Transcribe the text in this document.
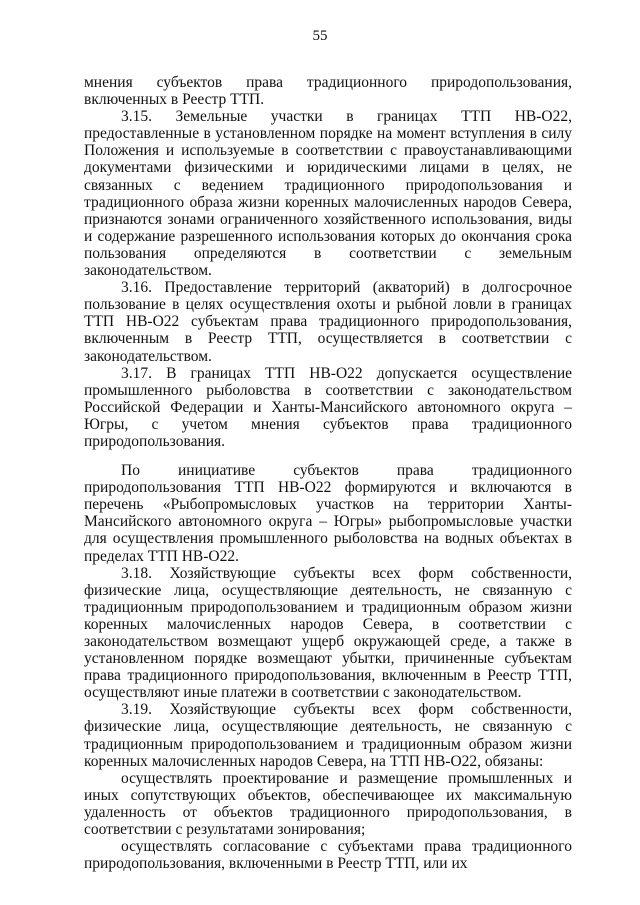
55

мнения субъектов права традиционного природопользования, включенных в Реестр ТТП.

3.15. Земельные участки в границах ТТП НВ-О22, предоставленные в установленном порядке на момент вступления в силу Положения и используемые в соответствии с правоустанавливающими документами физическими и юридическими лицами в целях, не связанных с ведением традиционного природопользования и традиционного образа жизни коренных малочисленных народов Севера, признаются зонами ограниченного хозяйственного использования, виды и содержание разрешенного использования которых до окончания срока пользования определяются в соответствии с земельным законодательством.

3.16. Предоставление территорий (акваторий) в долгосрочное пользование в целях осуществления охоты и рыбной ловли в границах ТТП НВ-О22 субъектам права традиционного природопользования, включенным в Реестр ТТП, осуществляется в соответствии с законодательством.

3.17. В границах ТТП НВ-О22 допускается осуществление промышленного рыболовства в соответствии с законодательством Российской Федерации и Ханты-Мансийского автономного округа – Югры, с учетом мнения субъектов права традиционного природопользования.

По инициативе субъектов права традиционного природопользования ТТП НВ-О22 формируются и включаются в перечень «Рыбопромысловых участков на территории Ханты-Мансийского автономного округа – Югры» рыбопромысловые участки для осуществления промышленного рыболовства на водных объектах в пределах ТТП НВ-О22.

3.18. Хозяйствующие субъекты всех форм собственности, физические лица, осуществляющие деятельность, не связанную с традиционным природопользованием и традиционным образом жизни коренных малочисленных народов Севера, в соответствии с законодательством возмещают ущерб окружающей среде, а также в установленном порядке возмещают убытки, причиненные субъектам права традиционного природопользования, включенным в Реестр ТТП, осуществляют иные платежи в соответствии с законодательством.

3.19. Хозяйствующие субъекты всех форм собственности, физические лица, осуществляющие деятельность, не связанную с традиционным природопользованием и традиционным образом жизни коренных малочисленных народов Севера, на ТТП НВ-О22, обязаны:

осуществлять проектирование и размещение промышленных и иных сопутствующих объектов, обеспечивающее их максимальную удаленность от объектов традиционного природопользования, в соответствии с результатами зонирования;

осуществлять согласование с субъектами права традиционного природопользования, включенными в Реестр ТТП, или их
